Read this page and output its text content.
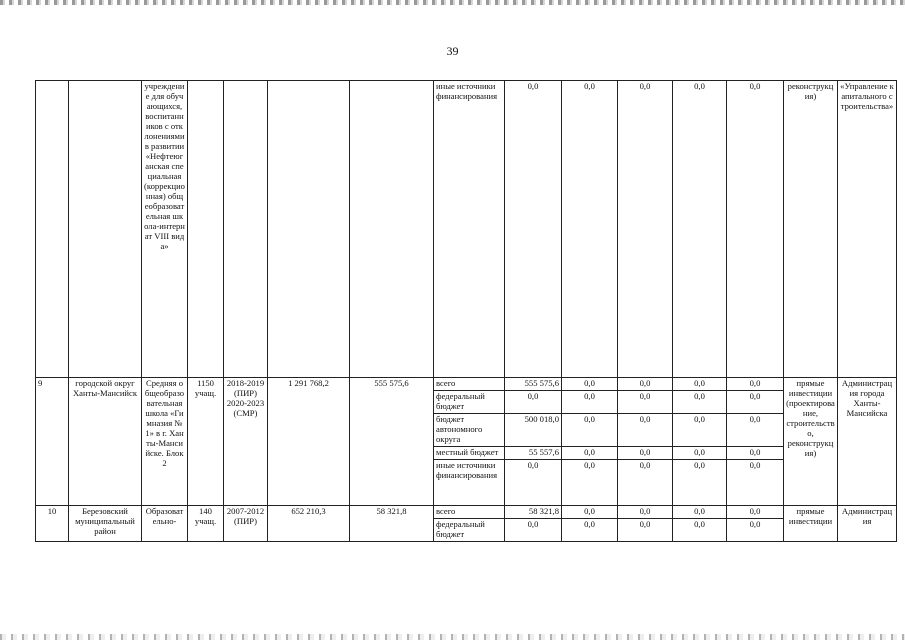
39
		учреждение для обучающихся, воспитанников с отклонениями в развитии «Нефтеюганская специальная (коррекционная) общеобразовательная школа-интернат VIII вида»					иные источники финансирования	0,0	0,0	0,0	0,0	0,0	реконструкция)	«Управление капитального строительства»
9	городской округ Ханты-Мансийск	Средняя общеобразовательная школа «Гимназия № 1» в г. Ханты-Мансийске. Блок 2	1150 учащ.	2018-2019 (ПИР) 2020-2023 (СМР)	1 291 768,2	555 575,6	всего	555 575,6	0,0	0,0	0,0	0,0	прямые инвестиции (проектирование, строительство, реконструкция)	Администрация города Ханты-Мансийска
							федеральный бюджет	0,0	0,0	0,0	0,0	0,0		
							бюджет автономного округа	500 018,0	0,0	0,0	0,0	0,0		
							местный бюджет	55 557,6	0,0	0,0	0,0	0,0		
							иные источники финансирования	0,0	0,0	0,0	0,0	0,0		
10	Березовский муниципальный район	Образовательно-	140 учащ.	2007-2012 (ПИР)	652 210,3	58 321,8	всего	58 321,8	0,0	0,0	0,0	0,0	прямые инвестиции	Администрация
							федеральный бюджет	0,0	0,0	0,0	0,0	0,0		
